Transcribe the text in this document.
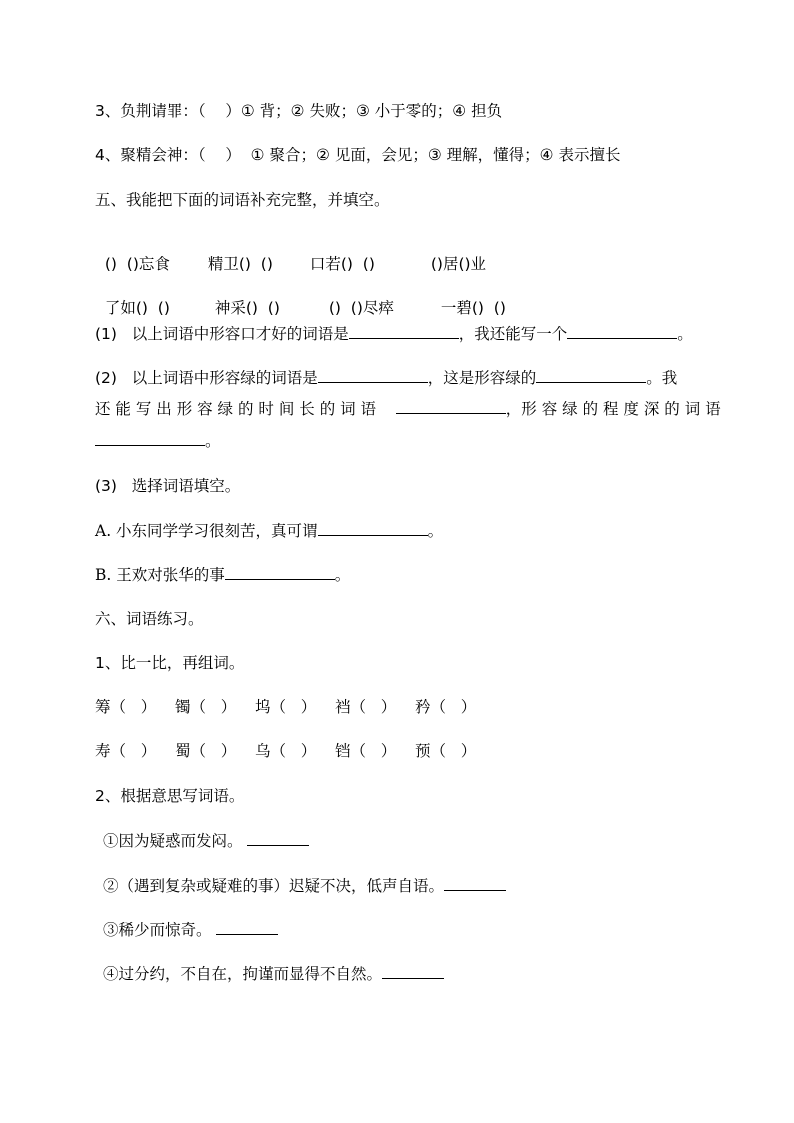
3、负荆请罪：（    ）① 背；② 失败；③ 小于零的；④ 担负
4、聚精会神：（    ）  ① 聚合；② 见面，会见；③ 理解，懂得；④ 表示擅长
五、我能把下面的词语补充完整，并填空。

()  ()忘食 精卫()  () 口若()  ()	()居()业

了如()  ()	神采()  ()	()  ()尽瘁	一碧()  ()

(1)   以上词语中形容口才好的词语是	，我还能写一个	。
(2)   以上词语中形容绿的词语是	，这是形容绿的	。我
还 能 写 出 形 容 绿 的 时 间 长 的 词 语	，形 容 绿 的 程 度 深 的 词 语
。
(3)   选择词语填空。
A. 小东同学学习很刻苦，真可谓	。
B. 王欢对张华的事	。
六、词语练习。
1、比一比，再组词。
筹（   ） 镯（   ） 坞（   ） 裆（   ） 矜（   ）
寿（   ） 蜀（   ） 乌（   ） 铛（   ） 预（   ）
2、根据意思写词语。
①因为疑惑而发闷。
②（遇到复杂或疑难的事）迟疑不决，低声自语。
③稀少而惊奇。
④过分约，不自在，拘谨而显得不自然。
